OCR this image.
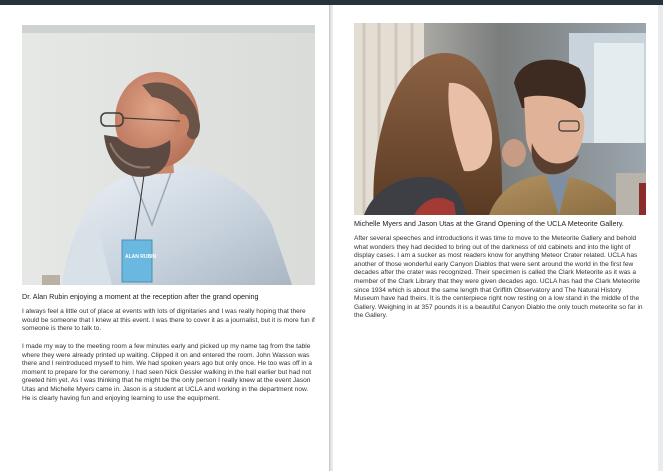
ALAN RUBIN
Dr. Alan Rubin enjoying a moment at the reception after the grand opening

I always feel a little out of place at events with lots of dignitaries and I was really hoping that there would be someone that I knew at this event. I was there to cover it as a journalist, but it is more fun if someone is there to talk to.

I made my way to the meeting room a few minutes early and picked up my name tag from the table where they were already printed up waiting. Clipped it on and entered the room. John Wasson was there and I reintroduced myself to him. We had spoken years ago but only once. He too was off in a moment to prepare for the ceremony. I had seen Nick Gessler walking in the hall earlier but had not greeted him yet. As I was thinking that he might be the only person I really knew at the event Jason Utas and Michelle Myers came in. Jason is a student at UCLA and working in the department now. He is clearly having fun and enjoying learning to use the equipment.

Michelle Myers and Jason Utas at the Grand Opening of the UCLA Meteorite Gallery.

After several speeches and introductions it was time to move to the Meteorite Gallery and behold what wonders they had decided to bring out of the darkness of old cabinets and into the light of display cases. I am a sucker as most readers know for anything Meteor Crater related. UCLA has another of those wonderful early Canyon Diablos that were sent around the world in the first few decades after the crater was recognized. Their specimen is called the Clark Meteorite as it was a member of the Clark Library that they were given decades ago. UCLA has had the Clark Meteorite since 1934 which is about the same length that Griffith Observatory and The Natural History Museum have had theirs. It is the centerpiece right now resting on a low stand in the middle of the Gallery. Weighing in at 357 pounds it is a beautiful Canyon Diablo the only touch meteorite so far in the Gallery.
